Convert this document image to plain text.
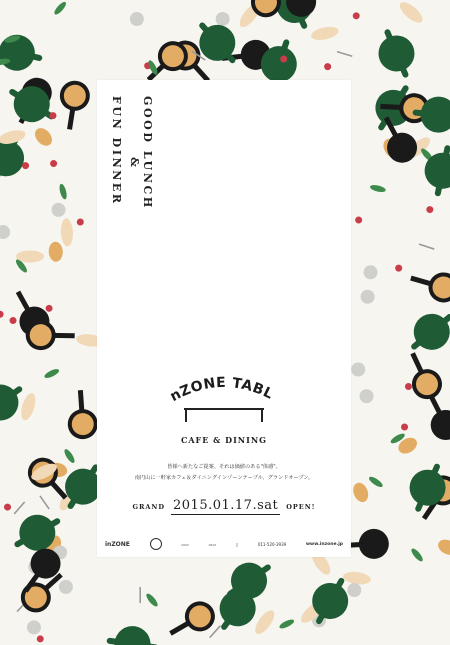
GOOD LUNCH
&
FUN DINNER
nZONE TABL
CAFE & DINING
皆様へ新たなご提案、それは価値のある"体感"。
南円山に一軒家カフェ＆ダイニングインゾーンテーブル、グランドオープン。
GRAND 2015.01.17.sat	OPEN!
inZONE	▭▭	▭▭	▯	011-520-3939	www.inzone.jp
